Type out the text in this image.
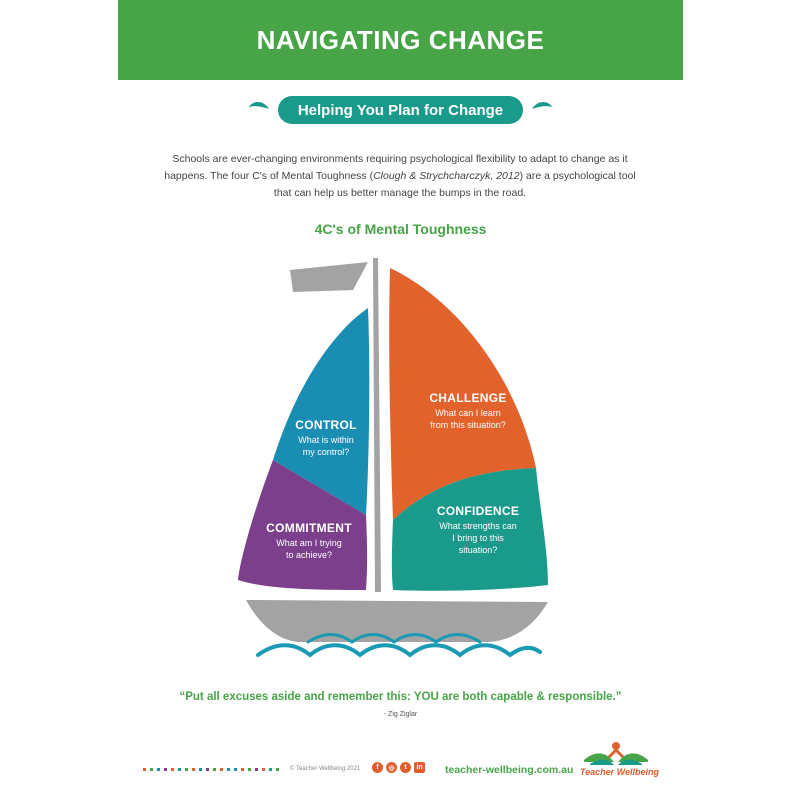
NAVIGATING CHANGE
Helping You Plan for Change

Schools are ever-changing environments requiring psychological flexibility to adapt to change as it happens. The four C's of Mental Toughness (Clough & Strychcharczyk, 2012) are a psychological tool that can help us better manage the bumps in the road.

4C's of Mental Toughness
CONTROL
What is within
my control?
COMMITMENT
What am I trying
to achieve?
CHALLENGE
What can I learn
from this situation?
CONFIDENCE
What strengths can
I bring to this
situation?
“Put all excuses aside and remember this: YOU are both capable & responsible.”
- Zig Ziglar
© Teacher Wellbeing 2021	f	◎	t	in teacher-wellbeing.com.au Teacher Wellbeing
